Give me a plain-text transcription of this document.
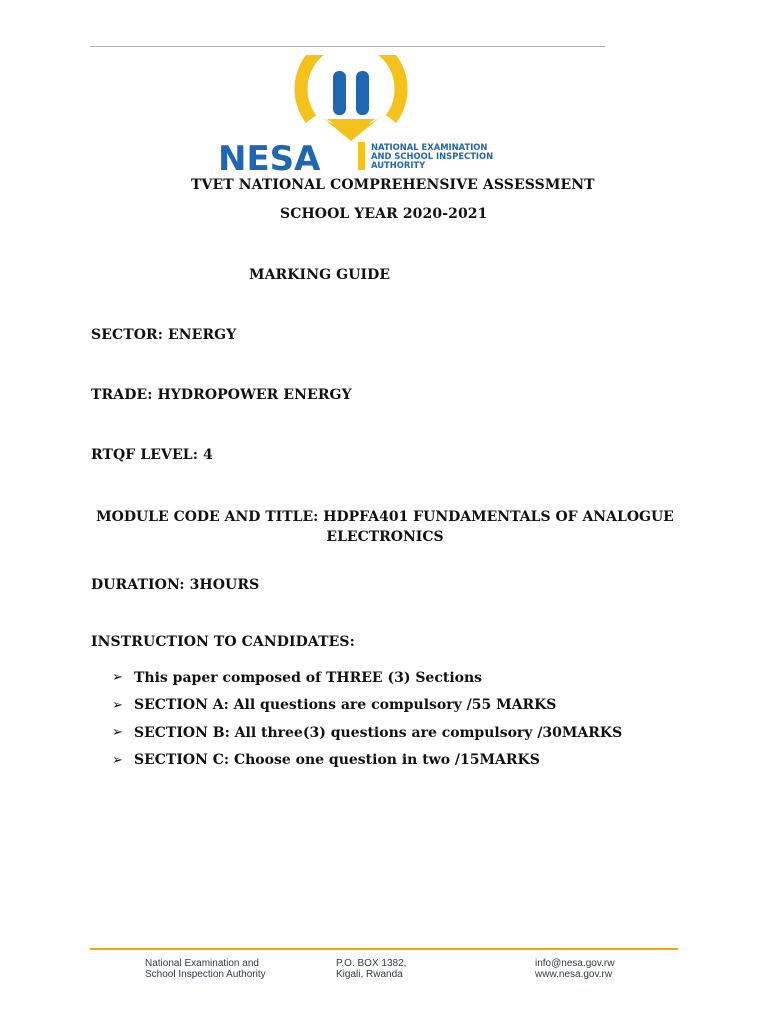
NESA	NATIONAL EXAMINATION
AND SCHOOL INSPECTION
AUTHORITY
TVET NATIONAL COMPREHENSIVE ASSESSMENT
SCHOOL YEAR 2020-2021
MARKING GUIDE
SECTOR: ENERGY
TRADE: HYDROPOWER ENERGY
RTQF LEVEL: 4
MODULE CODE AND TITLE: HDPFA401 FUNDAMENTALS OF ANALOGUE
ELECTRONICS
DURATION: 3HOURS
INSTRUCTION TO CANDIDATES:
➢ This paper composed of THREE (3) Sections
➢ SECTION A: All questions are compulsory /55 MARKS
➢ SECTION B: All three(3) questions are compulsory /30MARKS
➢ SECTION C: Choose one question in two /15MARKS
National Examination and
School Inspection Authority
P.O. BOX 1382,
Kigali, Rwanda
info@nesa.gov.rw
www.nesa.gov.rw
